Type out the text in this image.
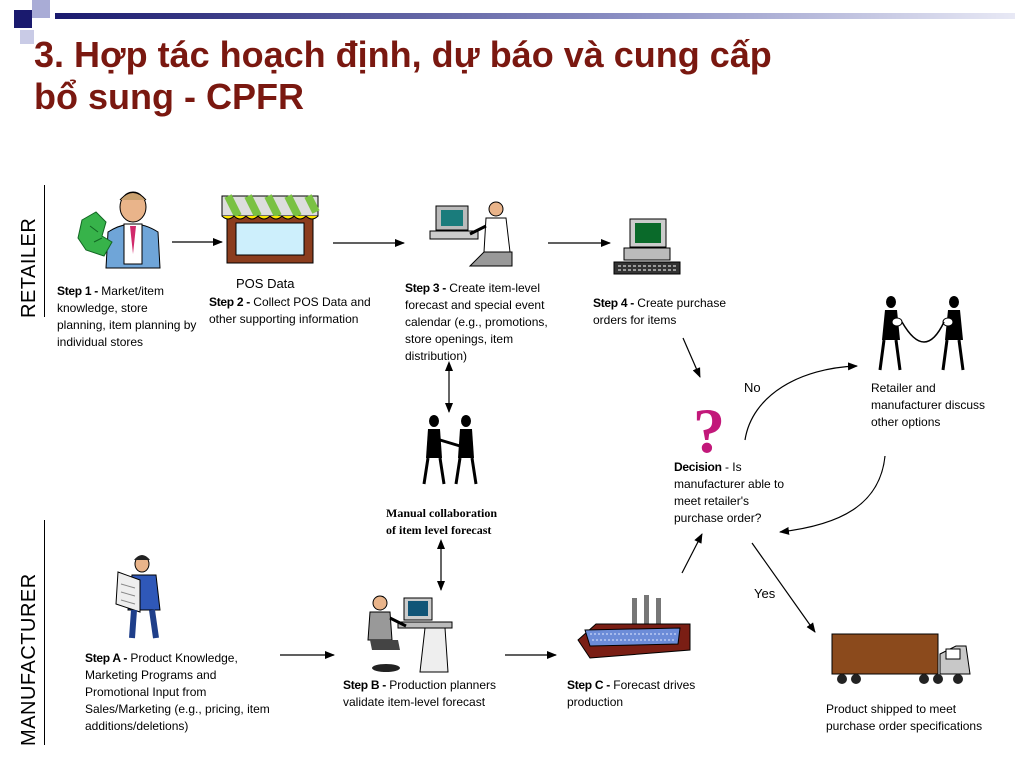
3. Hợp tác hoạch định, dự báo và cung cấp
bổ sung - CPFR
RETAILER
MANUFACTURER
?
Step 1 - Market/item knowledge, store planning, item planning by individual stores
POS Data
Step 2 - Collect POS Data and other supporting information
Step 3 - Create item-level forecast and special event calendar (e.g., promotions, store openings, item distribution)
Step 4 - Create purchase orders for items
Retailer and manufacturer discuss other options
No
Yes
Decision - Is manufacturer able to meet retailer's purchase order?
Manual collaboration
of item level forecast
Step A - Product Knowledge, Marketing Programs and Promotional Input from Sales/Marketing (e.g., pricing, item additions/deletions)
Step B - Production planners validate item-level forecast
Step C - Forecast drives production	Product shipped to meet purchase order specifications
